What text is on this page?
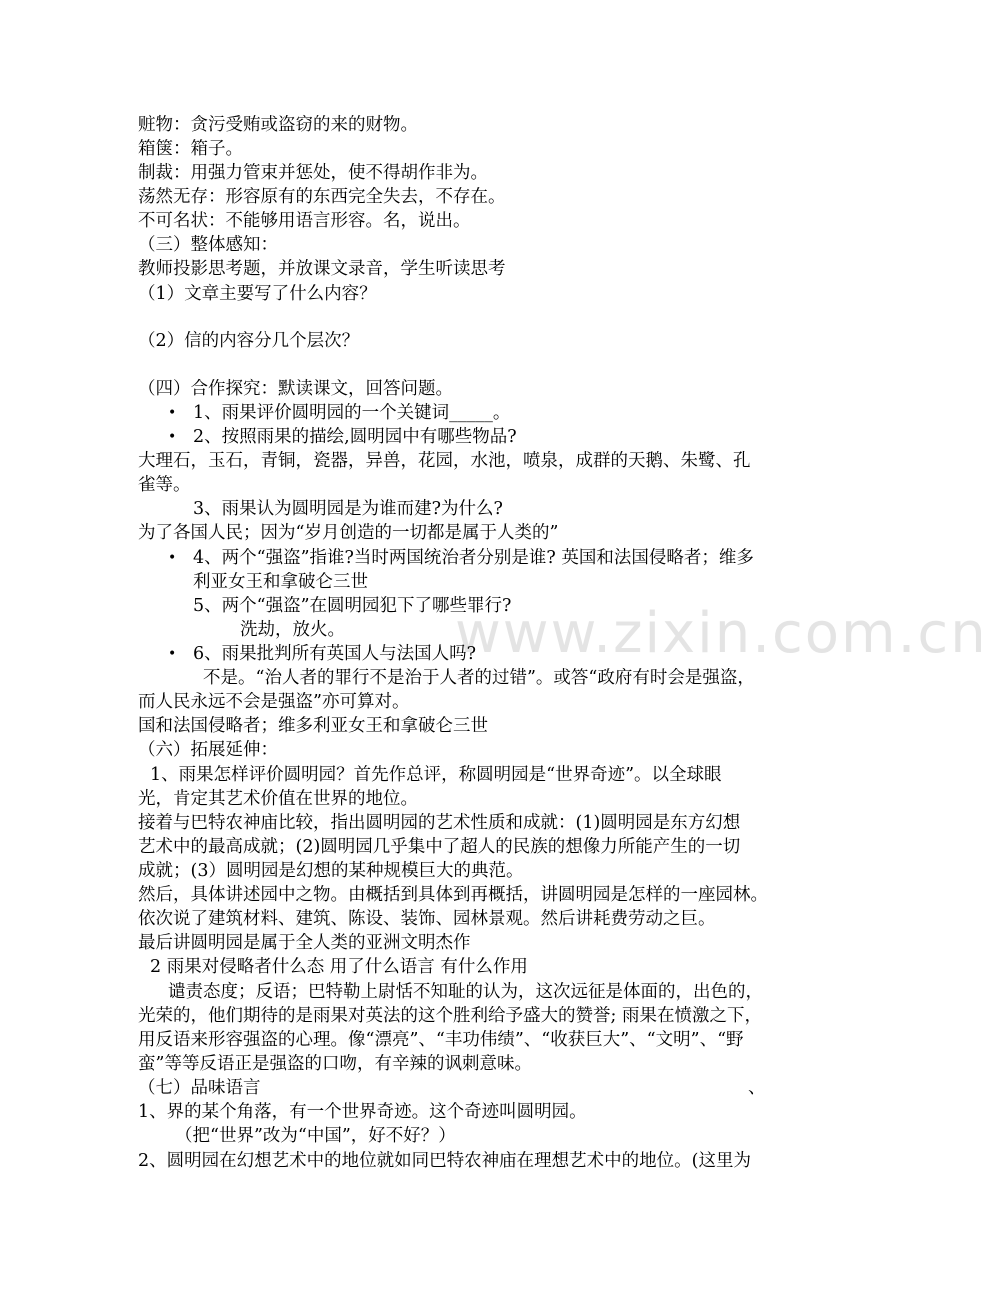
www.zixin.com.cn
赃物：贪污受贿或盗窃的来的财物。
箱箧：箱子。
制裁：用强力管束并惩处，使不得胡作非为。
荡然无存：形容原有的东西完全失去，不存在。
不可名状：不能够用语言形容。名，说出。
（三）整体感知：
教师投影思考题，并放课文录音，学生听读思考
（1）文章主要写了什么内容？
（2）信的内容分几个层次？
（四）合作探究：默读课文，回答问题。
• 1、雨果评价圆明园的一个关键词_____。
• 2、按照雨果的描绘,圆明园中有哪些物品?
大理石，玉石，青铜，瓷器，异兽，花园，水池，喷泉，成群的天鹅、朱鹭、孔
雀等。
3、雨果认为圆明园是为谁而建?为什么?
为了各国人民；因为“岁月创造的一切都是属于人类的”
• 4、两个“强盗”指谁?当时两国统治者分别是谁? 英国和法国侵略者；维多
利亚女王和拿破仑三世
5、两个“强盗”在圆明园犯下了哪些罪行?
洗劫，放火。
• 6、雨果批判所有英国人与法国人吗?
不是。“治人者的罪行不是治于人者的过错”。或答“政府有时会是强盗，
而人民永远不会是强盗”亦可算对。
国和法国侵略者；维多利亚女王和拿破仑三世
（六）拓展延伸：
1、雨果怎样评价圆明园？首先作总评，称圆明园是“世界奇迹”。以全球眼
光，肯定其艺术价值在世界的地位。
接着与巴特农神庙比较，指出圆明园的艺术性质和成就：(1)圆明园是东方幻想
艺术中的最高成就；(2)圆明园几乎集中了超人的民族的想像力所能产生的一切
成就；(3）圆明园是幻想的某种规模巨大的典范。
然后，具体讲述园中之物。由概括到具体到再概括，讲圆明园是怎样的一座园林。
依次说了建筑材料、建筑、陈设、装饰、园林景观。然后讲耗费劳动之巨。
最后讲圆明园是属于全人类的亚洲文明杰作
2 雨果对侵略者什么态 用了什么语言 有什么作用
谴责态度；反语；巴特勒上尉恬不知耻的认为，这次远征是体面的，出色的，
光荣的，他们期待的是雨果对英法的这个胜利给予盛大的赞誉; 雨果在愤激之下，
用反语来形容强盗的心理。像“漂亮”、“丰功伟绩”、“收获巨大”、“文明”、“野
蛮”等等反语正是强盗的口吻，有辛辣的讽刺意味。
（七）品味语言	、
1、界的某个角落，有一个世界奇迹。这个奇迹叫圆明园。
（把“世界”改为“中国”，好不好？）
2、圆明园在幻想艺术中的地位就如同巴特农神庙在理想艺术中的地位。(这里为
